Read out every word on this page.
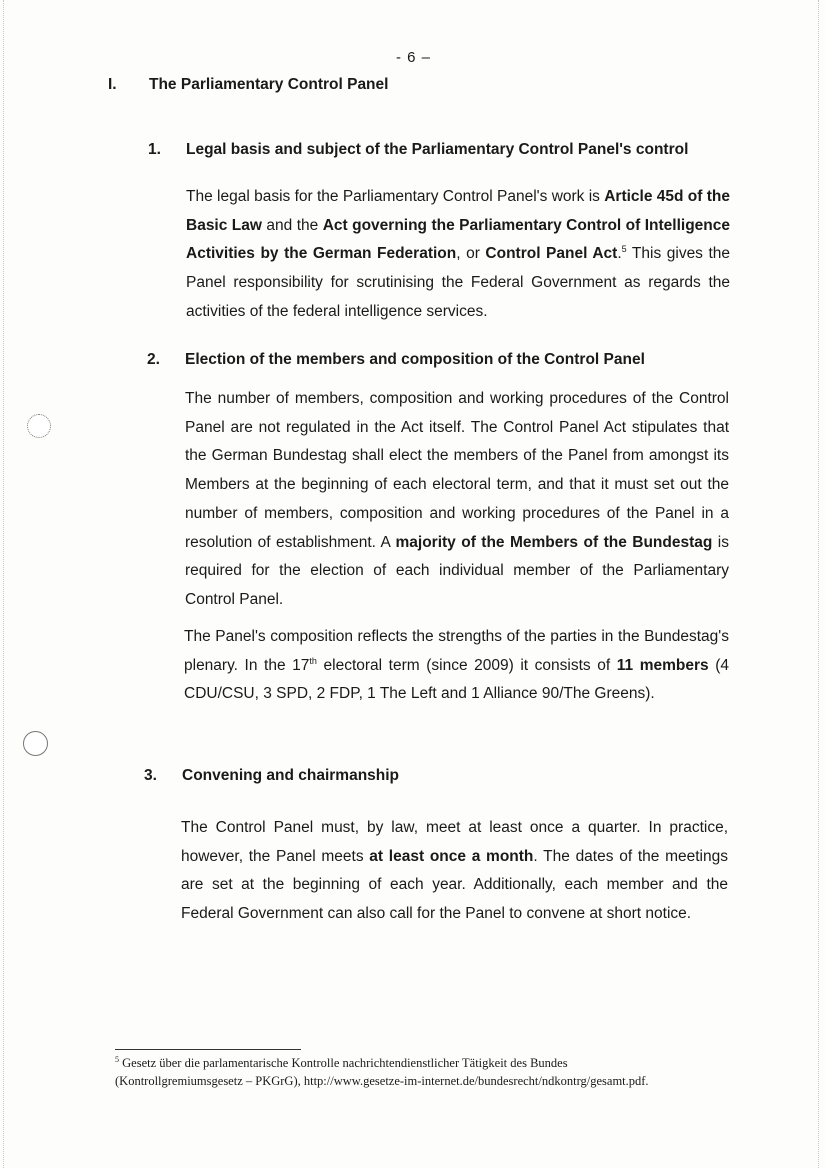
- 6 –
I.	The Parliamentary Control Panel
1.	Legal basis and subject of the Parliamentary Control Panel's control
The legal basis for the Parliamentary Control Panel's work is Article 45d of the Basic Law and the Act governing the Parliamentary Control of Intelligence Activities by the German Federation, or Control Panel Act.$^5$ This gives the Panel responsibility for scrutinising the Federal Government as regards the activities of the federal intelligence services.
2.	Election of the members and composition of the Control Panel
The number of members, composition and working procedures of the Control Panel are not regulated in the Act itself. The Control Panel Act stipulates that the German Bundestag shall elect the members of the Panel from amongst its Members at the beginning of each electoral term, and that it must set out the number of members, composition and working procedures of the Panel in a resolution of establishment. A majority of the Members of the Bundestag is required for the election of each individual member of the Parliamentary Control Panel.
The Panel's composition reflects the strengths of the parties in the Bundestag's plenary. In the 17th electoral term (since 2009) it consists of 11 members (4 CDU/CSU, 3 SPD, 2 FDP, 1 The Left and 1 Alliance 90/The Greens).
3.	Convening and chairmanship
The Control Panel must, by law, meet at least once a quarter. In practice, however, the Panel meets at least once a month. The dates of the meetings are set at the beginning of each year. Additionally, each member and the Federal Government can also call for the Panel to convene at short notice.
$^5$ Gesetz über die parlamentarische Kontrolle nachrichtendienstlicher Tätigkeit des Bundes
(Kontrollgremiumsgesetz – PKGrG), http://www.gesetze-im-internet.de/bundesrecht/ndkontrg/gesamt.pdf.
